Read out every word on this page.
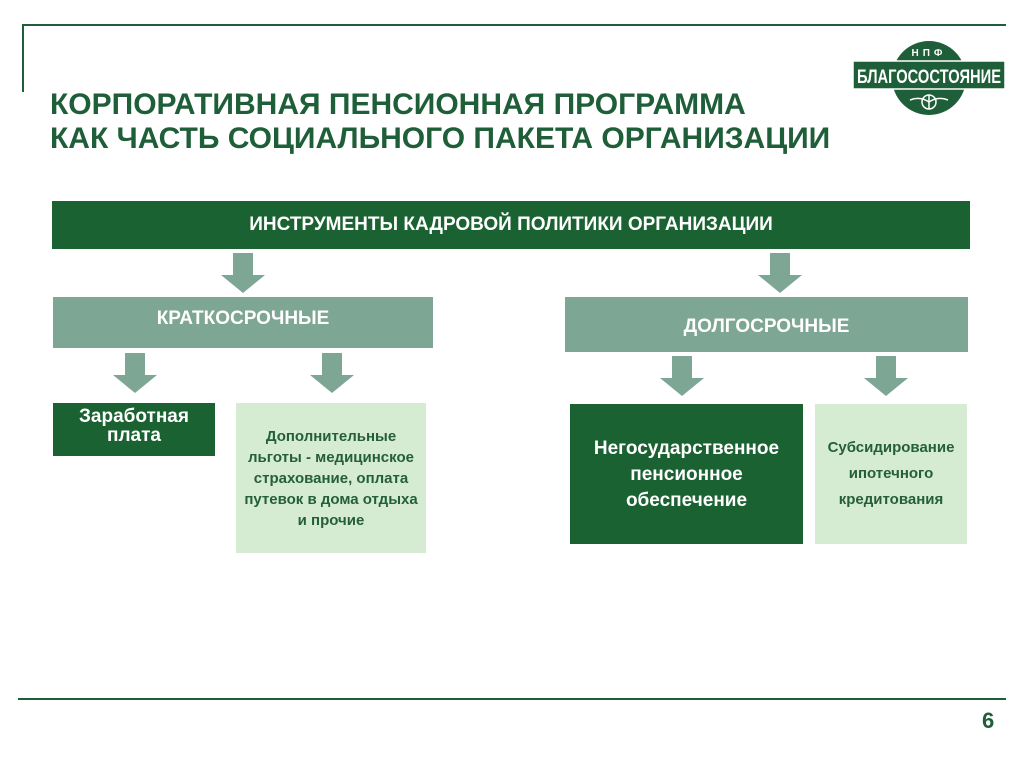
КОРПОРАТИВНАЯ ПЕНСИОННАЯ ПРОГРАММА
КАК ЧАСТЬ СОЦИАЛЬНОГО ПАКЕТА ОРГАНИЗАЦИИ
НПФ
БЛАГОСОСТОЯНИЕ
ИНСТРУМЕНТЫ КАДРОВОЙ ПОЛИТИКИ ОРГАНИЗАЦИИ
КРАТКОСРОЧНЫЕ	ДОЛГОСРОЧНЫЕ
Заработная плата	Дополнительные льготы - медицинское страхование, оплата путевок в дома отдыха и прочие
Негосударственное пенсионное обеспечение
Субсидирование ипотечного кредитования
6
